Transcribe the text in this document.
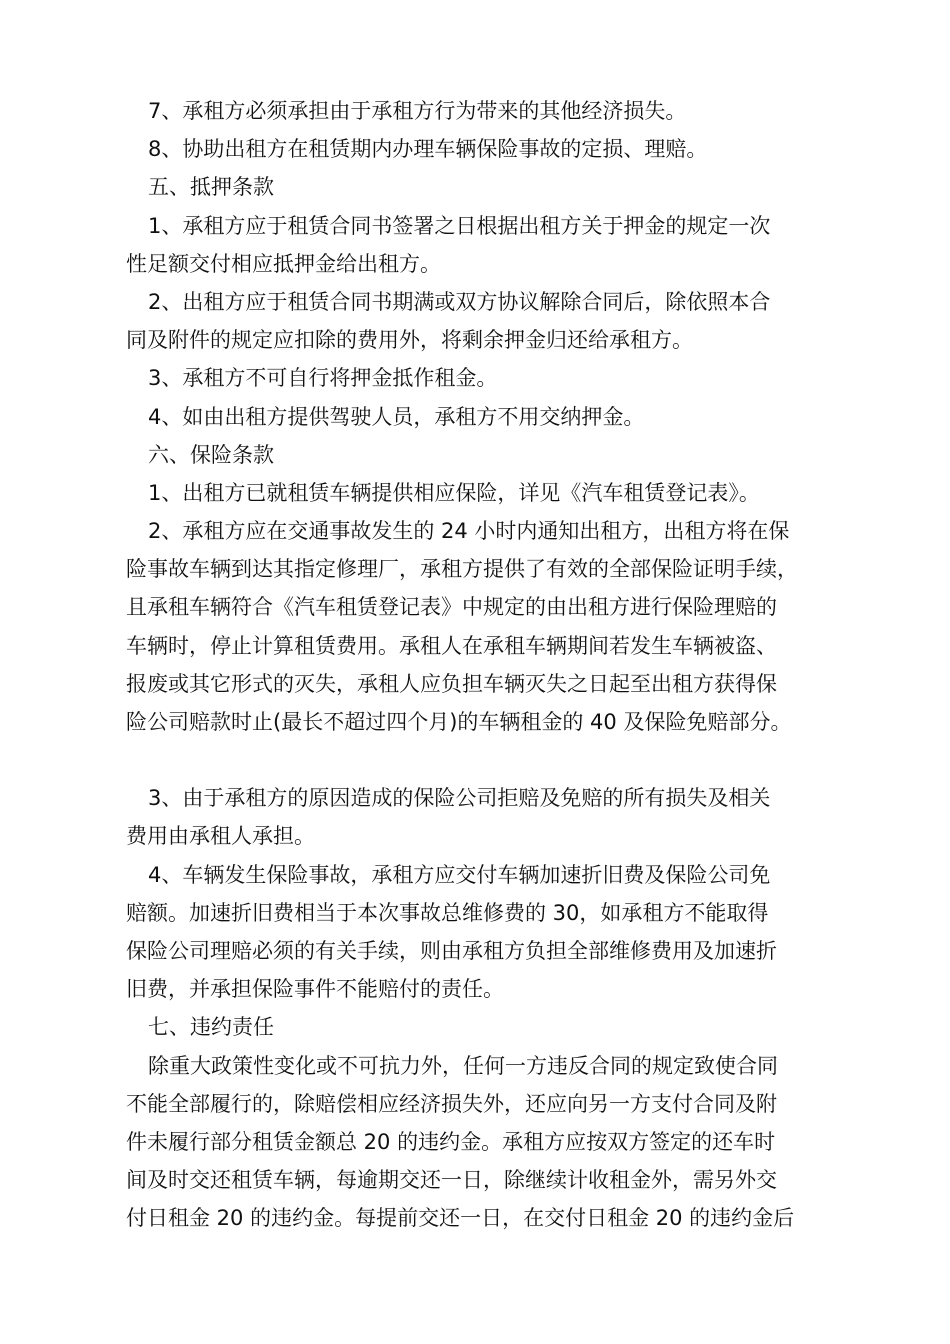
7、承租方必须承担由于承租方行为带来的其他经济损失。
8、协助出租方在租赁期内办理车辆保险事故的定损、理赔。
五、抵押条款
1、承租方应于租赁合同书签署之日根据出租方关于押金的规定一次
性足额交付相应抵押金给出租方。
2、出租方应于租赁合同书期满或双方协议解除合同后，除依照本合
同及附件的规定应扣除的费用外，将剩余押金归还给承租方。
3、承租方不可自行将押金抵作租金。
4、如由出租方提供驾驶人员，承租方不用交纳押金。
六、保险条款
1、出租方已就租赁车辆提供相应保险，详见《汽车租赁登记表》。
2、承租方应在交通事故发生的 24 小时内通知出租方，出租方将在保
险事故车辆到达其指定修理厂，承租方提供了有效的全部保险证明手续，
且承租车辆符合《汽车租赁登记表》中规定的由出租方进行保险理赔的
车辆时，停止计算租赁费用。承租人在承租车辆期间若发生车辆被盗、
报废或其它形式的灭失，承租人应负担车辆灭失之日起至出租方获得保
险公司赔款时止(最长不超过四个月)的车辆租金的 40 及保险免赔部分。
3、由于承租方的原因造成的保险公司拒赔及免赔的所有损失及相关
费用由承租人承担。
4、车辆发生保险事故，承租方应交付车辆加速折旧费及保险公司免
赔额。加速折旧费相当于本次事故总维修费的 30，如承租方不能取得
保险公司理赔必须的有关手续，则由承租方负担全部维修费用及加速折
旧费，并承担保险事件不能赔付的责任。
七、违约责任
除重大政策性变化或不可抗力外，任何一方违反合同的规定致使合同
不能全部履行的，除赔偿相应经济损失外，还应向另一方支付合同及附
件未履行部分租赁金额总 20 的违约金。承租方应按双方签定的还车时
间及时交还租赁车辆，每逾期交还一日，除继续计收租金外，需另外交
付日租金 20 的违约金。每提前交还一日，在交付日租金 20 的违约金后
